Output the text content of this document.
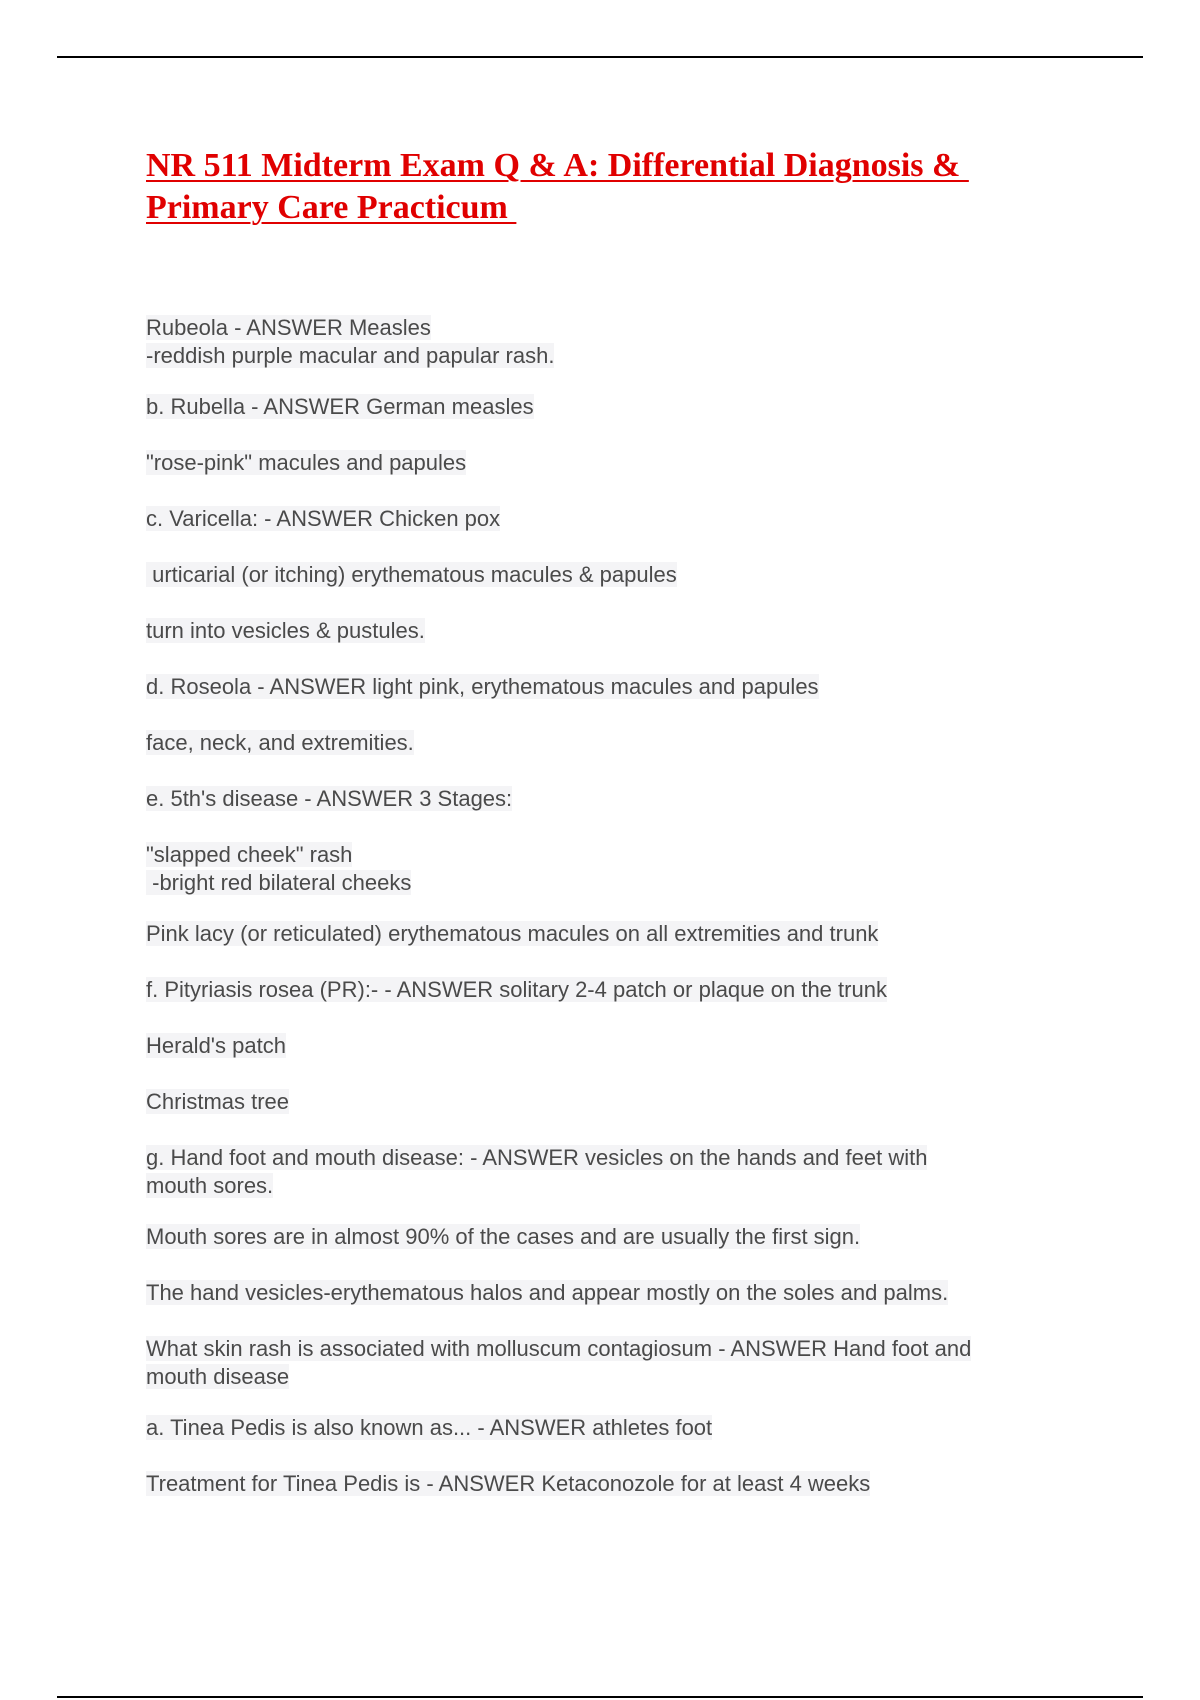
NR 511 Midterm Exam Q & A: Differential Diagnosis &
Primary Care Practicum

Rubeola - ANSWER Measles
-reddish purple macular and papular rash.

b. Rubella - ANSWER German measles

"rose-pink" macules and papules

c. Varicella: - ANSWER Chicken pox

urticarial (or itching) erythematous macules & papules

turn into vesicles & pustules.

d. Roseola - ANSWER light pink, erythematous macules and papules

face, neck, and extremities.

e. 5th's disease - ANSWER 3 Stages:

"slapped cheek" rash
-bright red bilateral cheeks

Pink lacy (or reticulated) erythematous macules on all extremities and trunk

f. Pityriasis rosea (PR):- - ANSWER solitary 2-4 patch or plaque on the trunk

Herald's patch

Christmas tree

g. Hand foot and mouth disease: - ANSWER vesicles on the hands and feet with
mouth sores.

Mouth sores are in almost 90% of the cases and are usually the first sign.

The hand vesicles-erythematous halos and appear mostly on the soles and palms.

What skin rash is associated with molluscum contagiosum - ANSWER Hand foot and
mouth disease

a. Tinea Pedis is also known as... - ANSWER athletes foot

Treatment for Tinea Pedis is - ANSWER Ketaconozole for at least 4 weeks
